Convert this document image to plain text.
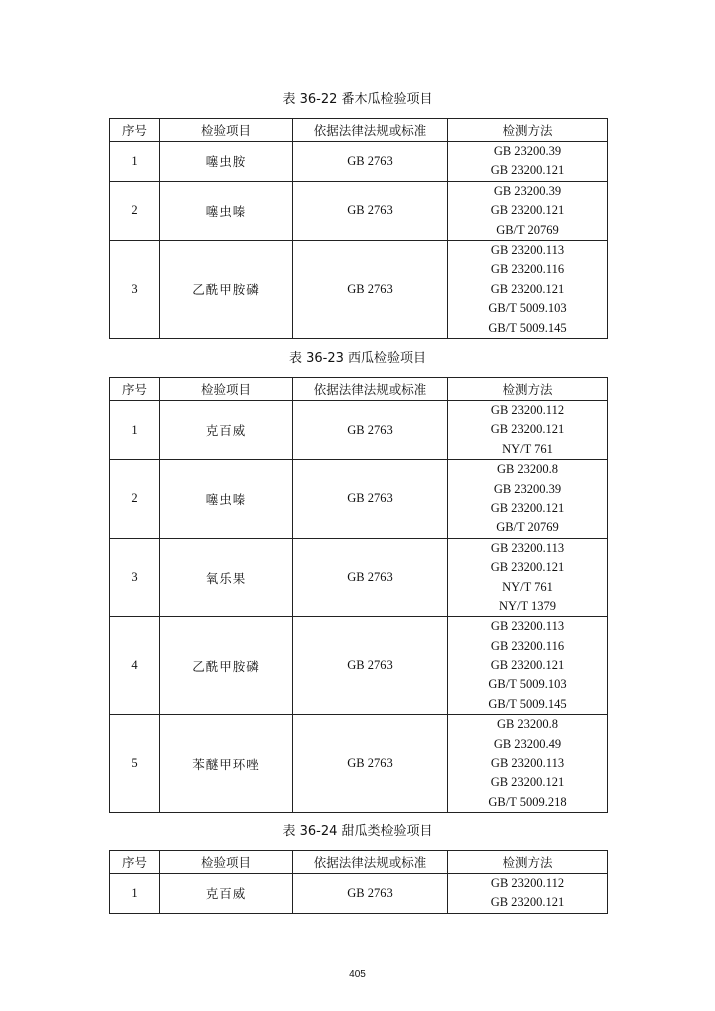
表 36-22 番木瓜检验项目
序号	检验项目	依据法律法规或标准	检测方法
1	噻虫胺	GB 2763	GB 23200.39
GB 23200.121

2	噻虫嗪	GB 2763	GB 23200.39
GB 23200.121
GB/T 20769

3	乙酰甲胺磷	GB 2763	GB 23200.113
GB 23200.116
GB 23200.121
GB/T 5009.103
GB/T 5009.145
表 36-23 西瓜检验项目
序号	检验项目	依据法律法规或标准	检测方法
1	克百威	GB 2763	GB 23200.112
GB 23200.121
NY/T 761

2	噻虫嗪	GB 2763	GB 23200.8
GB 23200.39
GB 23200.121
GB/T 20769

3	氧乐果	GB 2763	GB 23200.113
GB 23200.121
NY/T 761
NY/T 1379

4	乙酰甲胺磷	GB 2763	GB 23200.113
GB 23200.116
GB 23200.121
GB/T 5009.103
GB/T 5009.145

5	苯醚甲环唑	GB 2763	GB 23200.8
GB 23200.49
GB 23200.113
GB 23200.121
GB/T 5009.218
表 36-24 甜瓜类检验项目
序号	检验项目	依据法律法规或标准	检测方法
1	克百威	GB 2763	GB 23200.112
GB 23200.121
405
